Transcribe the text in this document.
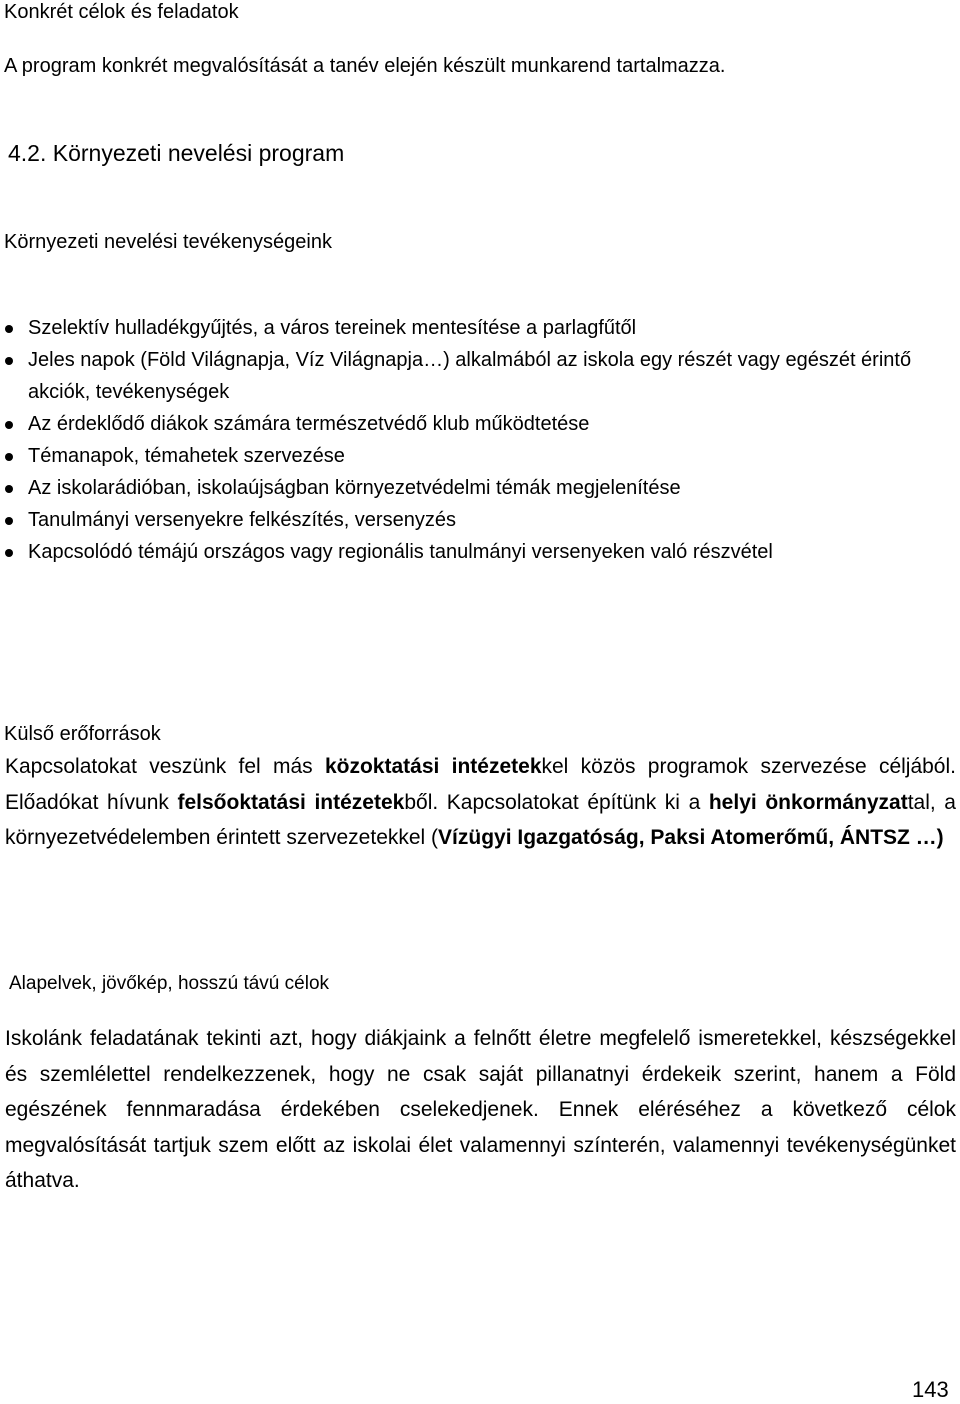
Konkrét célok és feladatok
A program konkrét megvalósítását a tanév elején készült munkarend tartalmazza.
4.2. Környezeti nevelési program
Környezeti nevelési tevékenységeink
Szelektív hulladékgyűjtés, a város tereinek mentesítése a parlagfűtől
Jeles napok (Föld Világnapja, Víz Világnapja…) alkalmából az iskola egy részét vagy egészét érintő akciók, tevékenységek
Az érdeklődő diákok számára természetvédő klub működtetése
Témanapok, témahetek szervezése
Az iskolarádióban, iskolaújságban környezetvédelmi témák megjelenítése
Tanulmányi versenyekre felkészítés, versenyzés
Kapcsolódó témájú országos vagy regionális tanulmányi versenyeken való részvétel
Külső erőforrások

Kapcsolatokat veszünk fel más közoktatási intézetekkel közös programok szervezése céljából. Előadókat hívunk felsőoktatási intézetekből. Kapcsolatokat építünk ki a helyi önkormányzattal, a környezetvédelemben érintett szervezetekkel (Vízügyi Igazgatóság, Paksi Atomerőmű, ÁNTSZ …)

Alapelvek, jövőkép, hosszú távú célok

Iskolánk feladatának tekinti azt, hogy diákjaink a felnőtt életre megfelelő ismeretekkel, készségekkel és szemlélettel rendelkezzenek, hogy ne csak saját pillanatnyi érdekeik szerint, hanem a Föld egészének fennmaradása érdekében cselekedjenek. Ennek eléréséhez a következő célok megvalósítását tartjuk szem előtt az iskolai élet valamennyi színterén, valamennyi tevékenységünket áthatva.

143
